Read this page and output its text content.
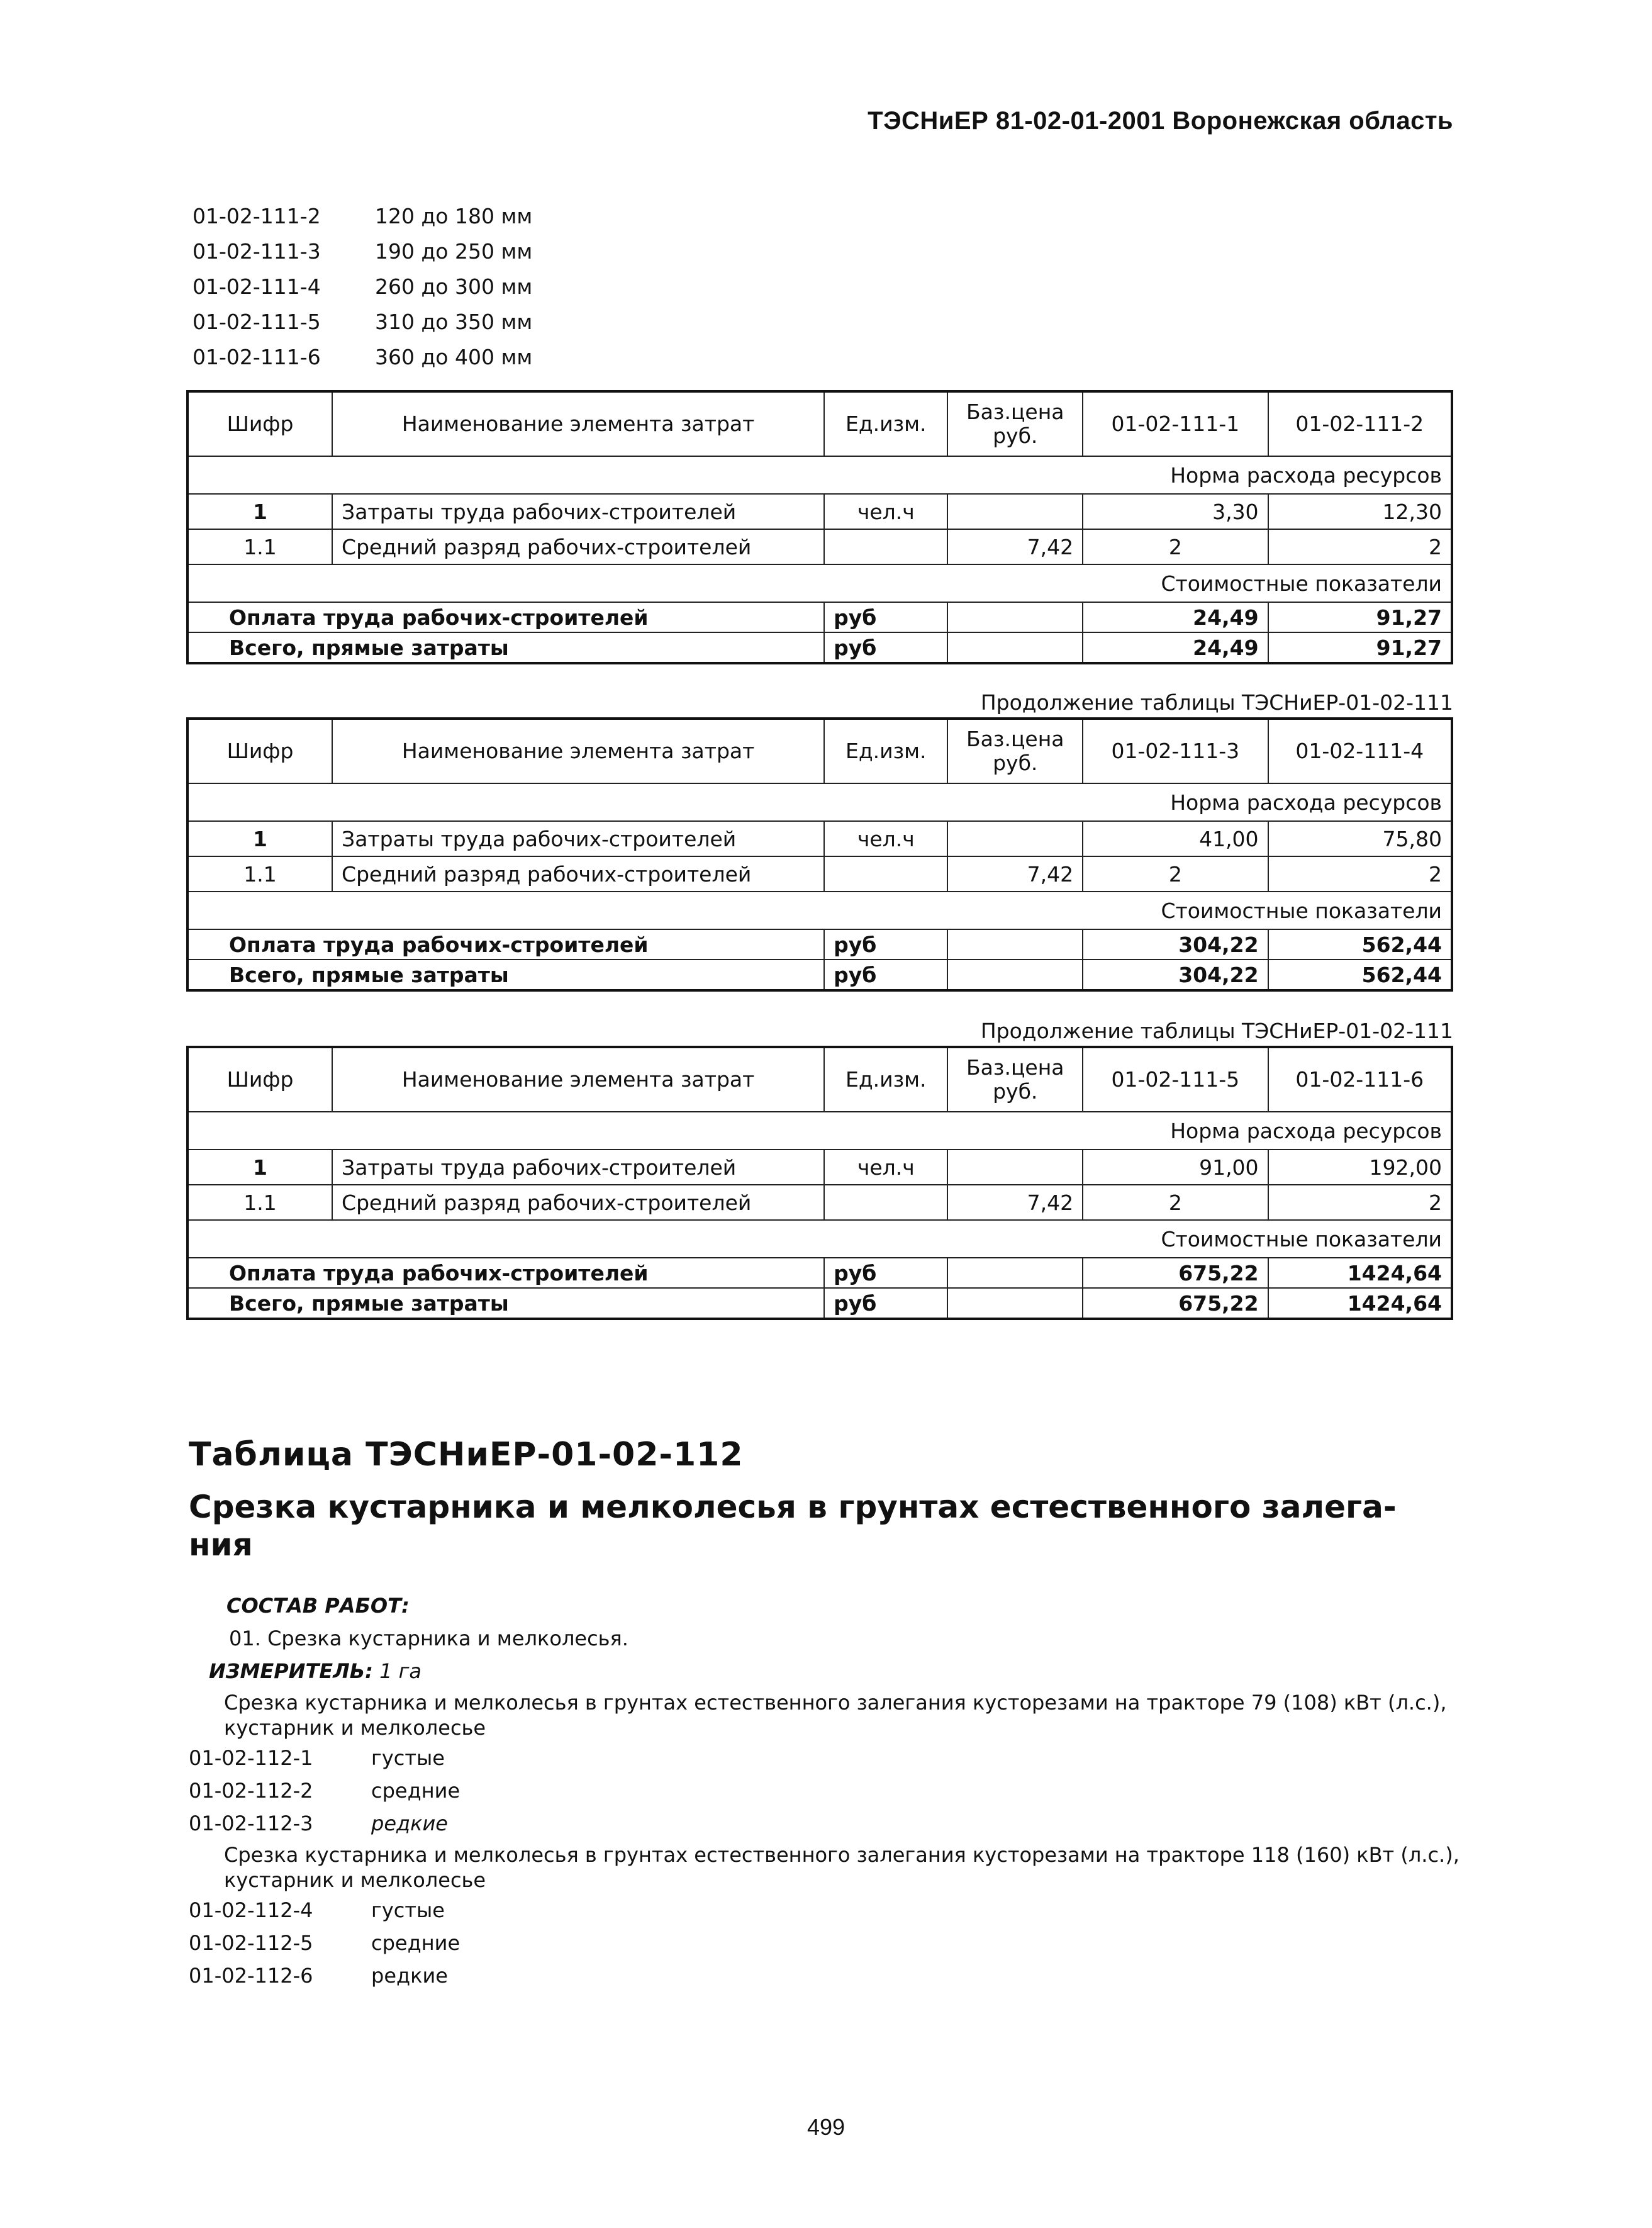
ТЭСНиЕР 81-02-01-2001 Воронежская область
01-02-111-2	120 до 180 мм
01-02-111-3	190 до 250 мм
01-02-111-4	260 до 300 мм
01-02-111-5	310 до 350 мм
01-02-111-6	360 до 400 мм
Шифр	Наименование элемента затрат	Ед.изм.	Баз.цена руб.	01-02-111-1	01-02-111-2
Норма расхода ресурсов					
1	Затраты труда рабочих-строителей	чел.ч		3,30	12,30
1.1	Средний разряд рабочих-строителей		7,42	2	2
Стоимостные показатели					
Оплата труда рабочих-строителей		руб		24,49	91,27
Всего, прямые затраты		руб		24,49	91,27
Продолжение таблицы ТЭСНиЕР-01-02-111
Шифр	Наименование элемента затрат	Ед.изм.	Баз.цена руб.	01-02-111-3	01-02-111-4
Норма расхода ресурсов					
1	Затраты труда рабочих-строителей	чел.ч		41,00	75,80
1.1	Средний разряд рабочих-строителей		7,42	2	2
Стоимостные показатели					
Оплата труда рабочих-строителей		руб		304,22	562,44
Всего, прямые затраты		руб		304,22	562,44
Продолжение таблицы ТЭСНиЕР-01-02-111
Шифр	Наименование элемента затрат	Ед.изм.	Баз.цена руб.	01-02-111-5	01-02-111-6
Норма расхода ресурсов					
1	Затраты труда рабочих-строителей	чел.ч		91,00	192,00
1.1	Средний разряд рабочих-строителей		7,42	2	2
Стоимостные показатели					
Оплата труда рабочих-строителей		руб		675,22	1424,64
Всего, прямые затраты		руб		675,22	1424,64
Таблица ТЭСНиЕР-01-02-112
Срезка кустарника и мелколесья в грунтах естественного залега-ния
СОСТАВ РАБОТ:
01. Срезка кустарника и мелколесья.
ИЗМЕРИТЕЛЬ: 1 га
Срезка кустарника и мелколесья в грунтах естественного залегания кусторезами на тракторе 79 (108) кВт (л.с.), кустарник и мелколесье
01-02-112-1	густые
01-02-112-2	средние
01-02-112-3	редкие
Срезка кустарника и мелколесья в грунтах естественного залегания кусторезами на тракторе 118 (160) кВт (л.с.), кустарник и мелколесье
01-02-112-4	густые
01-02-112-5	средние
01-02-112-6	редкие
499
